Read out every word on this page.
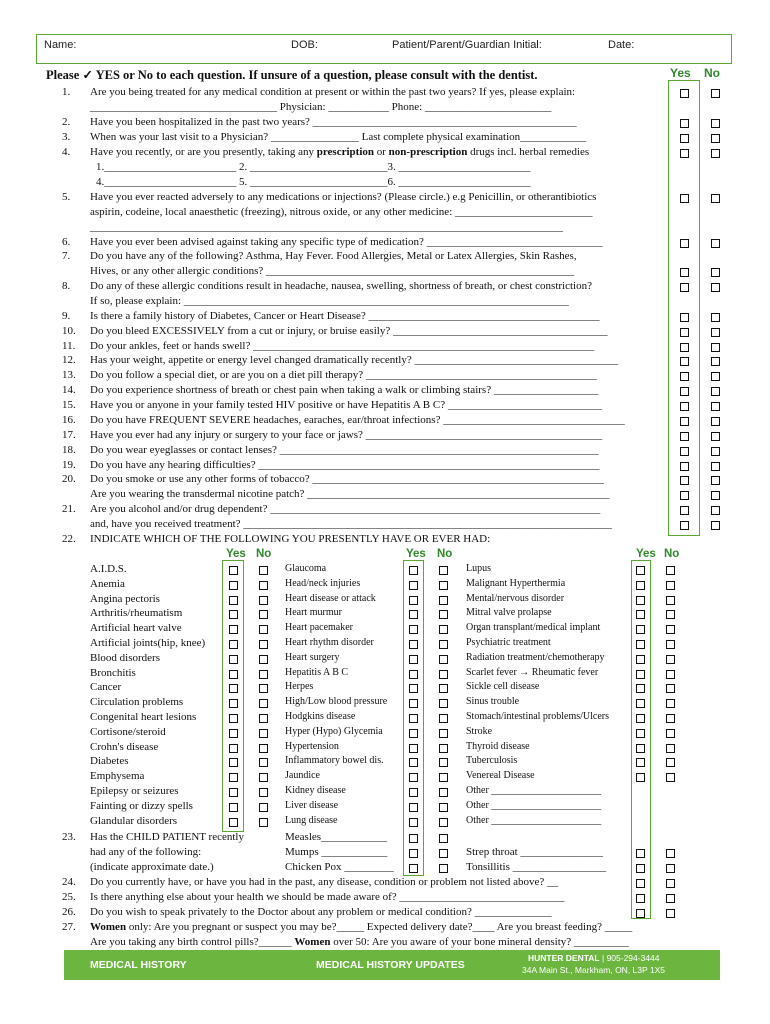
Name:	DOB:	Patient/Parent/Guardian Initial:	Date:
Please ✓ YES or No to each question. If unsure of a question, please consult with the dentist.	Yes No
1. Are you being treated for any medical condition at present or within the past two years? If yes, please explain:
__________________________________ Physician: ___________ Phone: _______________________
2. Have you been hospitalized in the past two years? ________________________________________________
3. When was your last visit to a Physician? ________________ Last complete physical examination____________
4. Have you recently, or are you presently, taking any prescription or non-prescription drugs incl. herbal remedies
1.________________________ 2. _________________________3. ________________________
4.________________________ 5. _________________________6. ________________________
5. Have you ever reacted adversely to any medications or injections? (Please circle.) e.g Penicillin, or otherantibiotics
aspirin, codeine, local anaesthetic (freezing), nitrous oxide, or any other medicine: _________________________
______________________________________________________________________________________
6. Have you ever been advised against taking any specific type of medication? ________________________________
7. Do you have any of the following? Asthma, Hay Fever. Food Allergies, Metal or Latex Allergies, Skin Rashes,
Hives, or any other allergic conditions? ________________________________________________________
8. Do any of these allergic conditions result in headache, nausea, swelling, shortness of breath, or chest constriction?
If so, please explain: ______________________________________________________________________
9. Is there a family history of Diabetes, Cancer or Heart Disease? __________________________________________
10. Do you bleed EXCESSIVELY from a cut or injury, or bruise easily? _______________________________________
11. Do your ankles, feet or hands swell? ______________________________________________________________
12. Has your weight, appetite or energy level changed dramatically recently? _____________________________________
13. Do you follow a special diet, or are you on a diet pill therapy? __________________________________________
14. Do you experience shortness of breath or chest pain when taking a walk or climbing stairs? ___________________
15. Have you or anyone in your family tested HIV positive or have Hepatitis A B C? ____________________________
16. Do you have FREQUENT SEVERE headaches, earaches, ear/throat infections? _________________________________
17. Have you ever had any injury or surgery to your face or jaws? ___________________________________________
18. Do you wear eyeglasses or contact lenses? __________________________________________________________
19. Do you have any hearing difficulties? ______________________________________________________________
20. Do you smoke or use any other forms of tobacco? _____________________________________________________
Are you wearing the transdermal nicotine patch? _______________________________________________________
21. Are you alcohol and/or drug dependent? ____________________________________________________________
and, have you received treatment? ___________________________________________________________________
22. INDICATE WHICH OF THE FOLLOWING YOU PRESENTLY HAVE OR EVER HAD:
Yes No	Yes No	Yes No
A.I.D.S.
Anemia
Angina pectoris
Arthritis/rheumatism
Artificial heart valve
Artificial joints(hip, knee)
Blood disorders
Bronchitis
Cancer
Circulation problems
Congenital heart lesions
Cortisone/steroid
Crohn's disease
Diabetes
Emphysema
Epilepsy or seizures
Fainting or dizzy spells
Glandular disorders
Glaucoma
Head/neck injuries
Heart disease or attack
Heart murmur
Heart pacemaker
Heart rhythm disorder
Heart surgery
Hepatitis A B C
Herpes
High/Low blood pressure
Hodgkins disease
Hyper (Hypo) Glycemia
Hypertension
Inflammatory bowel dis.
Jaundice
Kidney disease
Liver disease
Lung disease
Lupus
Malignant Hyperthermia
Mental/nervous disorder
Mitral valve prolapse
Organ transplant/medical implant
Psychiatric treatment
Radiation treatment/chemotherapy
Scarlet fever → Rheumatic fever
Sickle cell disease
Sinus trouble
Stomach/intestinal problems/Ulcers
Stroke
Thyroid disease
Tuberculosis
Venereal Disease
Other ______________________
Other ______________________
Other ______________________
23. Has the CHILD PATIENT recently
had any of the following:
(indicate approximate date.)
Measles____________
Mumps ____________
Chicken Pox _________
Strep throat _______________
Tonsillitis _________________
24. Do you currently have, or have you had in the past, any disease, condition or problem not listed above? __
25. Is there anything else about your health we should be made aware of? ______________________________
26. Do you wish to speak privately to the Doctor about any problem or medical condition? ______________
27. Women only: Are you pregnant or suspect you may be?_____ Expected delivery date?____ Are you breast feeding? _____
Are you taking any birth control pills?______ Women over 50: Are you aware of your bone mineral density? __________
MEDICAL HISTORY	MEDICAL HISTORY UPDATES
HUNTER DENTAL | 905-294-3444
34A Main St., Markham, ON, L3P 1X5
